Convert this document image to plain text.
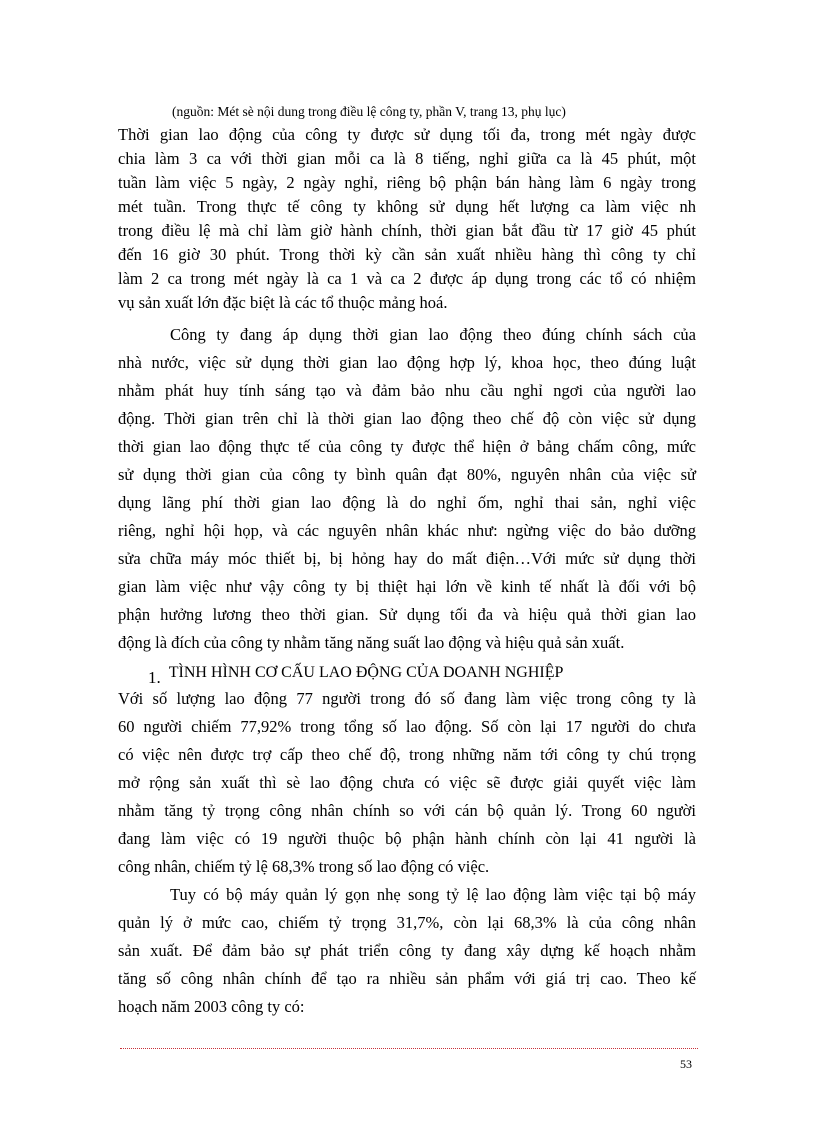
(nguồn: Mét sè nội dung trong điều lệ công ty, phần V, trang 13, phụ lục)
Thời gian lao động của công ty được sử dụng tối đa, trong mét ngày được
chia làm 3 ca với thời gian mỗi ca là 8 tiếng, nghỉ giữa ca là 45 phút, một
tuần làm việc 5 ngày, 2 ngày nghỉ, riêng bộ phận bán hàng làm 6 ngày trong
mét tuần. Trong thực tế công ty không sử dụng hết lượng ca làm việc nh
trong điều lệ mà chỉ làm giờ hành chính, thời gian bắt đầu từ 17 giờ 45 phút
đến 16 giờ 30 phút. Trong thời kỳ cần sản xuất nhiều hàng thì công ty chỉ
làm 2 ca trong mét ngày là ca 1 và ca 2 được áp dụng trong các tổ có nhiệm
vụ sản xuất lớn đặc biệt là các tổ thuộc mảng hoá.
Công ty đang áp dụng thời gian lao động theo đúng chính sách của
nhà nước, việc sử dụng thời gian lao động hợp lý, khoa học, theo đúng luật
nhằm phát huy tính sáng tạo và đảm bảo nhu cầu nghỉ ngơi của người lao
động. Thời gian trên chỉ là thời gian lao động theo chế độ còn việc sử dụng
thời gian lao động thực tế của công ty được thể hiện ở bảng chấm công, mức
sử dụng thời gian của công ty bình quân đạt 80%, nguyên nhân của việc sử
dụng lãng phí thời gian lao động là do nghỉ ốm, nghỉ thai sản, nghỉ việc
riêng, nghỉ hội họp, và các nguyên nhân khác như: ngừng việc do bảo dưỡng
sửa chữa máy móc thiết bị, bị hỏng hay do mất điện…Với mức sử dụng thời
gian làm việc như vậy công ty bị thiệt hại lớn về kinh tế nhất là đối với bộ
phận hưởng lương theo thời gian. Sử dụng tối đa và hiệu quả thời gian lao
động là đích của công ty nhằm tăng năng suất lao động và hiệu quả sản xuất.
1. TÌNH HÌNH CƠ CẤU LAO ĐỘNG CỦA DOANH NGHIỆP
Với số lượng lao động 77 người trong đó số đang làm việc trong công ty là
60 người chiếm 77,92% trong tổng số lao động. Số còn lại 17 người do chưa
có việc nên được trợ cấp theo chế độ, trong những năm tới công ty chú trọng
mở rộng sản xuất thì sè lao động chưa có việc sẽ được giải quyết việc làm
nhằm tăng tỷ trọng công nhân chính so với cán bộ quản lý. Trong 60 người
đang làm việc có 19 người thuộc bộ phận hành chính còn lại 41 người là
công nhân, chiếm tỷ lệ 68,3% trong số lao động có việc.
Tuy có bộ máy quản lý gọn nhẹ song tỷ lệ lao động làm việc tại bộ máy
quản lý ở mức cao, chiếm tỷ trọng 31,7%, còn lại 68,3% là của công nhân
sản xuất. Để đảm bảo sự phát triển công ty đang xây dựng kế hoạch nhằm
tăng số công nhân chính để tạo ra nhiều sản phẩm với giá trị cao. Theo kế
hoạch năm 2003 công ty có:
53
